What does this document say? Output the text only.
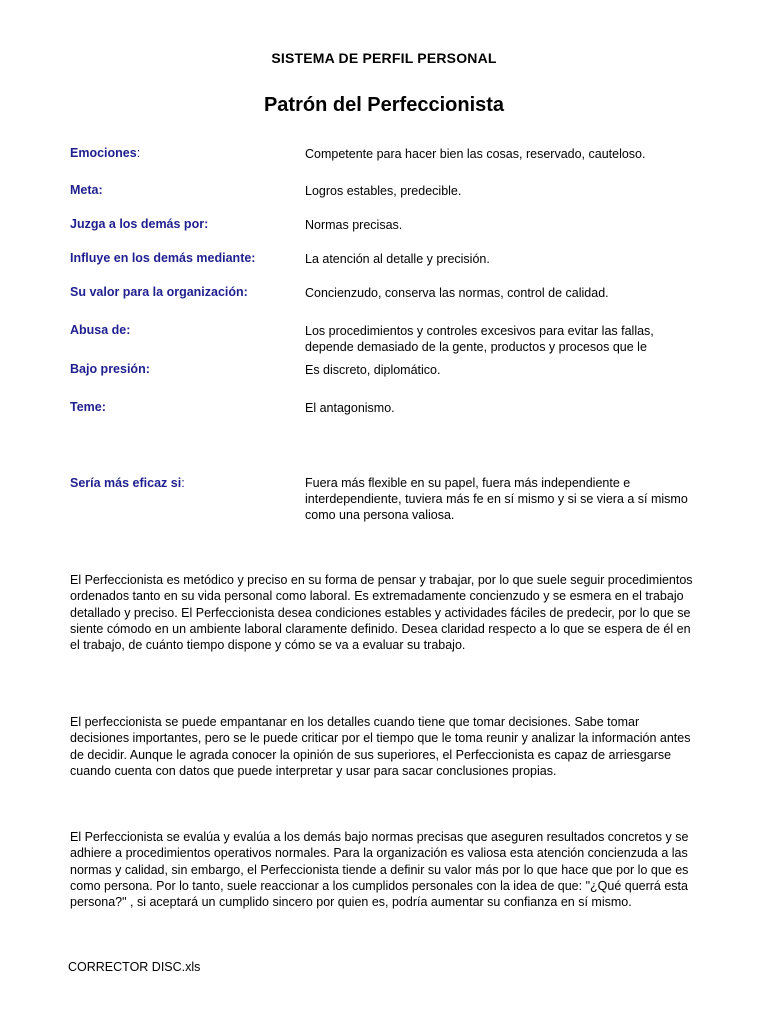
SISTEMA DE PERFIL PERSONAL
Patrón del Perfeccionista
Emociones:	Competente para hacer bien las cosas, reservado, cauteloso.
Meta:	Logros estables, predecible.
Juzga a los demás por:	Normas precisas.
Influye en los demás mediante:	La atención al detalle y precisión.
Su valor para la organización:	Concienzudo, conserva las normas, control de calidad.
Abusa de:	Los procedimientos y controles excesivos para evitar las fallas, depende demasiado de la gente, productos y procesos que le
Bajo presión:	Es discreto, diplomático.
Teme:	El antagonismo.
Sería más eficaz si:	Fuera más flexible en su papel, fuera más independiente e interdependiente, tuviera más fe en sí mismo y si se viera a sí mismo como una persona valiosa.
El Perfeccionista es metódico y preciso en su forma de pensar y trabajar, por lo que suele seguir procedimientos ordenados tanto en su vida personal como laboral. Es extremadamente concienzudo y se esmera en el trabajo detallado y preciso. El Perfeccionista desea condiciones estables y actividades fáciles de predecir, por lo que se siente cómodo en un ambiente laboral claramente definido. Desea claridad respecto a lo que se espera de él en el trabajo, de cuánto tiempo dispone y cómo se va a evaluar su trabajo.
El perfeccionista se puede empantanar en los detalles cuando tiene que tomar decisiones. Sabe tomar decisiones importantes, pero se le puede criticar por el tiempo que le toma reunir y analizar la información antes de decidir. Aunque le agrada conocer la opinión de sus superiores, el Perfeccionista es capaz de arriesgarse cuando cuenta con datos que puede interpretar y usar para sacar conclusiones propias.
El Perfeccionista se evalúa y evalúa a los demás bajo normas precisas que aseguren resultados concretos y se adhiere a procedimientos operativos normales. Para la organización es valiosa esta atención concienzuda a las normas y calidad, sin embargo, el Perfeccionista tiende a definir su valor más por lo que hace que por lo que es como persona. Por lo tanto, suele reaccionar a los cumplidos personales con la idea de que: "¿Qué querrá esta persona?" , si aceptará un cumplido sincero por quien es, podría aumentar su confianza en sí mismo.
CORRECTOR DISC.xls
